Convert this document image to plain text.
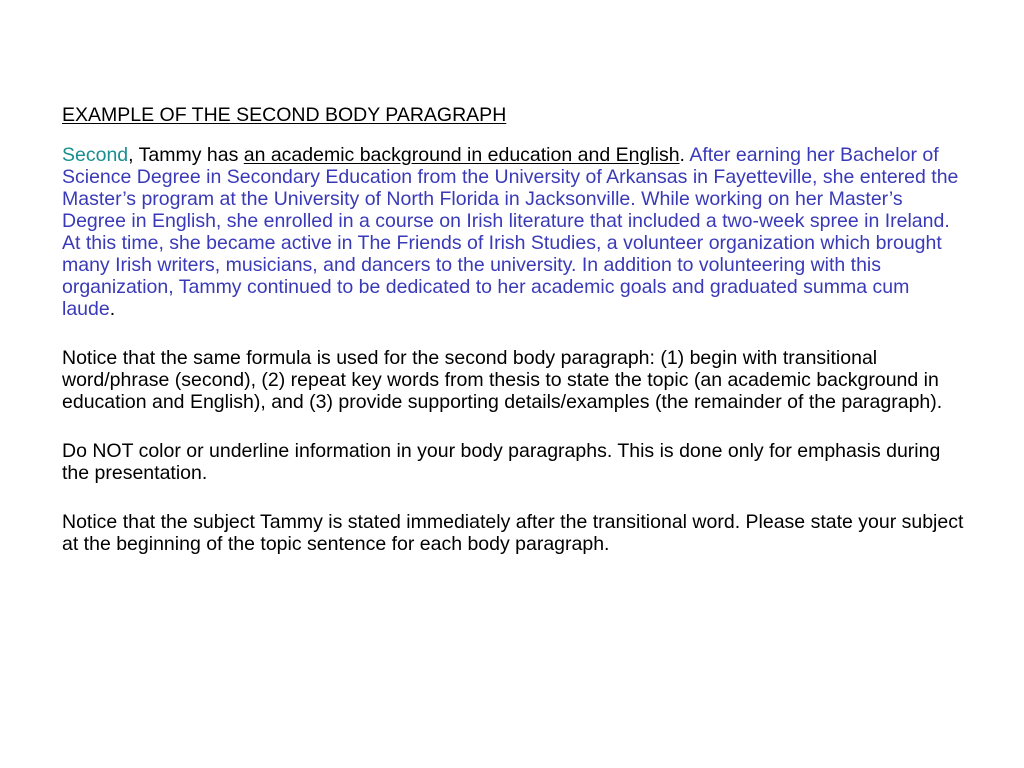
EXAMPLE OF THE SECOND BODY PARAGRAPH

Second, Tammy has an academic background in education and English. After earning her Bachelor of Science Degree in Secondary Education from the University of Arkansas in Fayetteville, she entered the Master’s program at the University of North Florida in Jacksonville. While working on her Master’s Degree in English, she enrolled in a course on Irish literature that included a two-week spree in Ireland. At this time, she became active in The Friends of Irish Studies, a volunteer organization which brought many Irish writers, musicians, and dancers to the university. In addition to volunteering with this organization, Tammy continued to be dedicated to her academic goals and graduated summa cum laude.

Notice that the same formula is used for the second body paragraph: (1) begin with transitional word/phrase (second), (2) repeat key words from thesis to state the topic (an academic background in education and English), and (3) provide supporting details/examples (the remainder of the paragraph).

Do NOT color or underline information in your body paragraphs. This is done only for emphasis during the presentation.

Notice that the subject Tammy is stated immediately after the transitional word. Please state your subject at the beginning of the topic sentence for each body paragraph.
